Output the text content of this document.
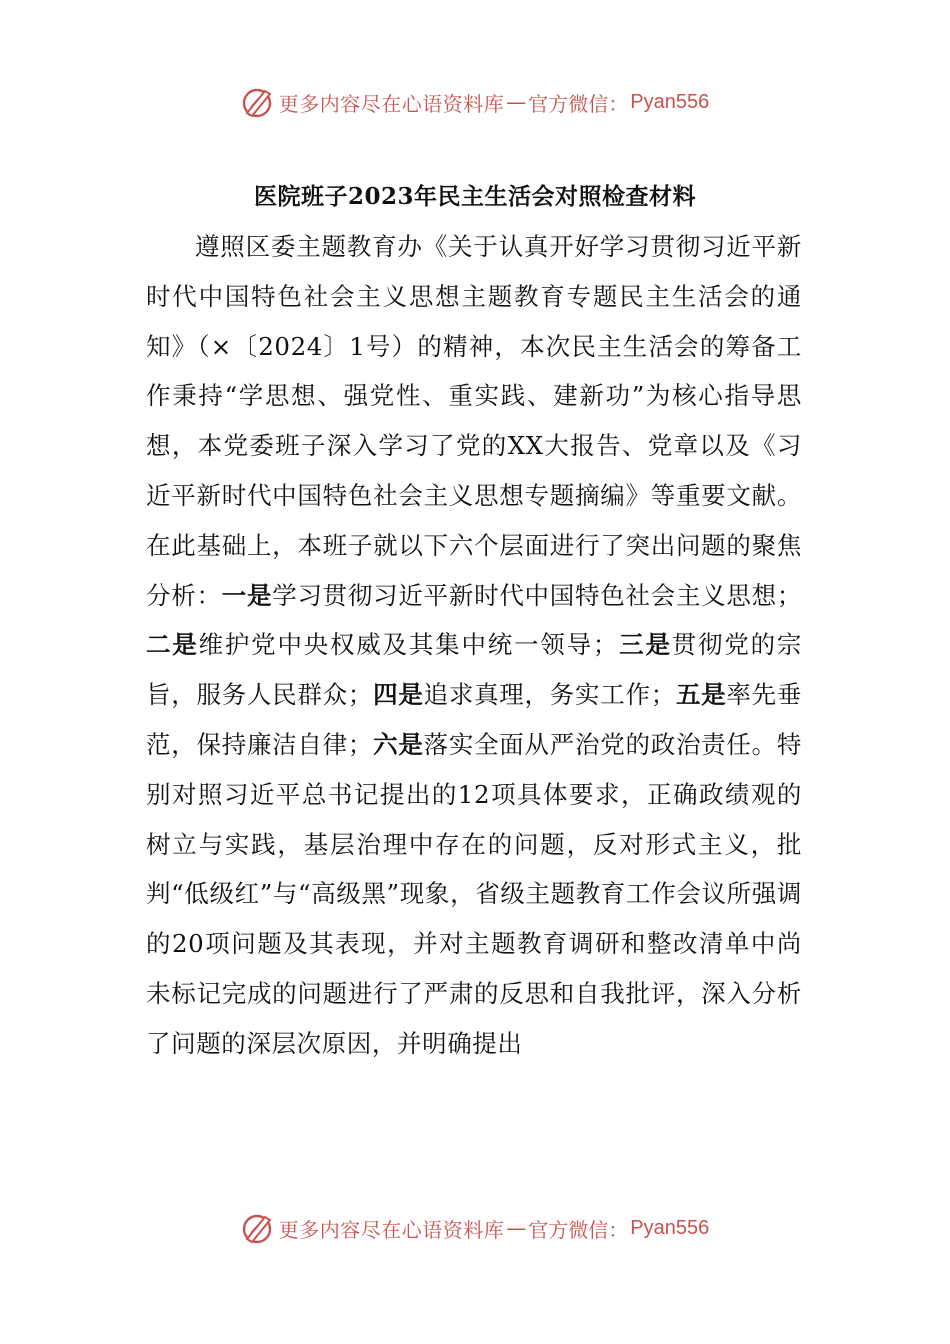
更多内容尽在心语资料库 — 官方微信： Pyan556
医院班子2023年民主生活会对照检查材料

遵照区委主题教育办《关于认真开好学习贯彻习近平新时代中国特色社会主义思想主题教育专题民主生活会的通知》（×〔2024〕1号）的精神，本次民主生活会的筹备工作秉持“学思想、强党性、重实践、建新功”为核心指导思想，本党委班子深入学习了党的XX大报告、党章以及《习近平新时代中国特色社会主义思想专题摘编》等重要文献。在此基础上，本班子就以下六个层面进行了突出问题的聚焦分析：一是学习贯彻习近平新时代中国特色社会主义思想；二是维护党中央权威及其集中统一领导；三是贯彻党的宗旨，服务人民群众；四是追求真理，务实工作；五是率先垂范，保持廉洁自律；六是落实全面从严治党的政治责任。特别对照习近平总书记提出的12项具体要求，正确政绩观的树立与实践，基层治理中存在的问题，反对形式主义，批判“低级红”与“高级黑”现象，省级主题教育工作会议所强调的20项问题及其表现，并对主题教育调研和整改清单中尚未标记完成的问题进行了严肃的反思和自我批评，深入分析了问题的深层次原因，并明确提出

更多内容尽在心语资料库 — 官方微信： Pyan556
